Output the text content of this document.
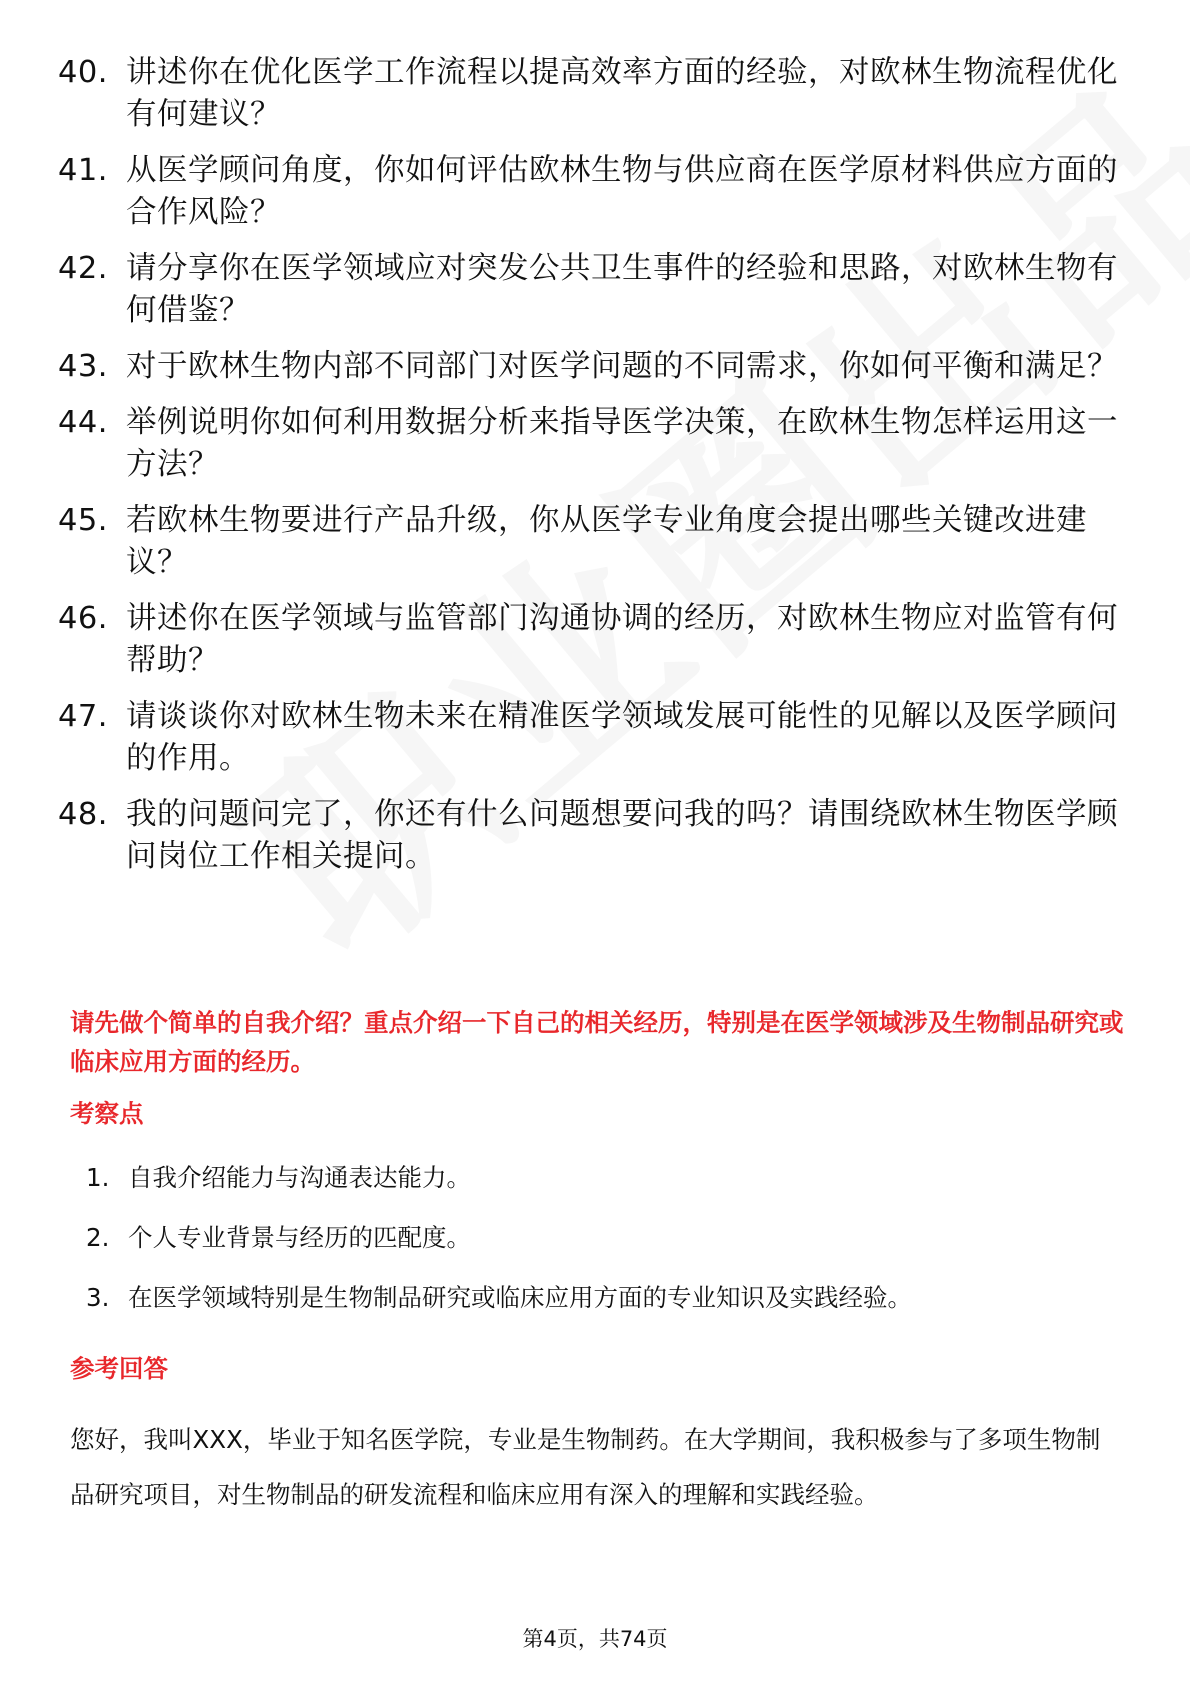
40. 讲述你在优化医学工作流程以提高效率方面的经验，对欧林生物流程优化有何建议？
41. 从医学顾问角度，你如何评估欧林生物与供应商在医学原材料供应方面的合作风险？
42. 请分享你在医学领域应对突发公共卫生事件的经验和思路，对欧林生物有何借鉴？
43. 对于欧林生物内部不同部门对医学问题的不同需求，你如何平衡和满足？
44. 举例说明你如何利用数据分析来指导医学决策，在欧林生物怎样运用这一方法？
45. 若欧林生物要进行产品升级，你从医学专业角度会提出哪些关键改进建议？
46. 讲述你在医学领域与监管部门沟通协调的经历，对欧林生物应对监管有何帮助？
47. 请谈谈你对欧林生物未来在精准医学领域发展可能性的见解以及医学顾问的作用。
48. 我的问题问完了，你还有什么问题想要问我的吗？请围绕欧林生物医学顾问岗位工作相关提问。
请先做个简单的自我介绍？重点介绍一下自己的相关经历，特别是在医学领域涉及生物制品研究或临床应用方面的经历。
考察点
1. 自我介绍能力与沟通表达能力。
2. 个人专业背景与经历的匹配度。
3. 在医学领域特别是生物制品研究或临床应用方面的专业知识及实践经验。
参考回答

您好，我叫XXX，毕业于知名医学院，专业是生物制药。在大学期间，我积极参与了多项生物制品研究项目，对生物制品的研发流程和临床应用有深入的理解和实践经验。

第4页，共74页
